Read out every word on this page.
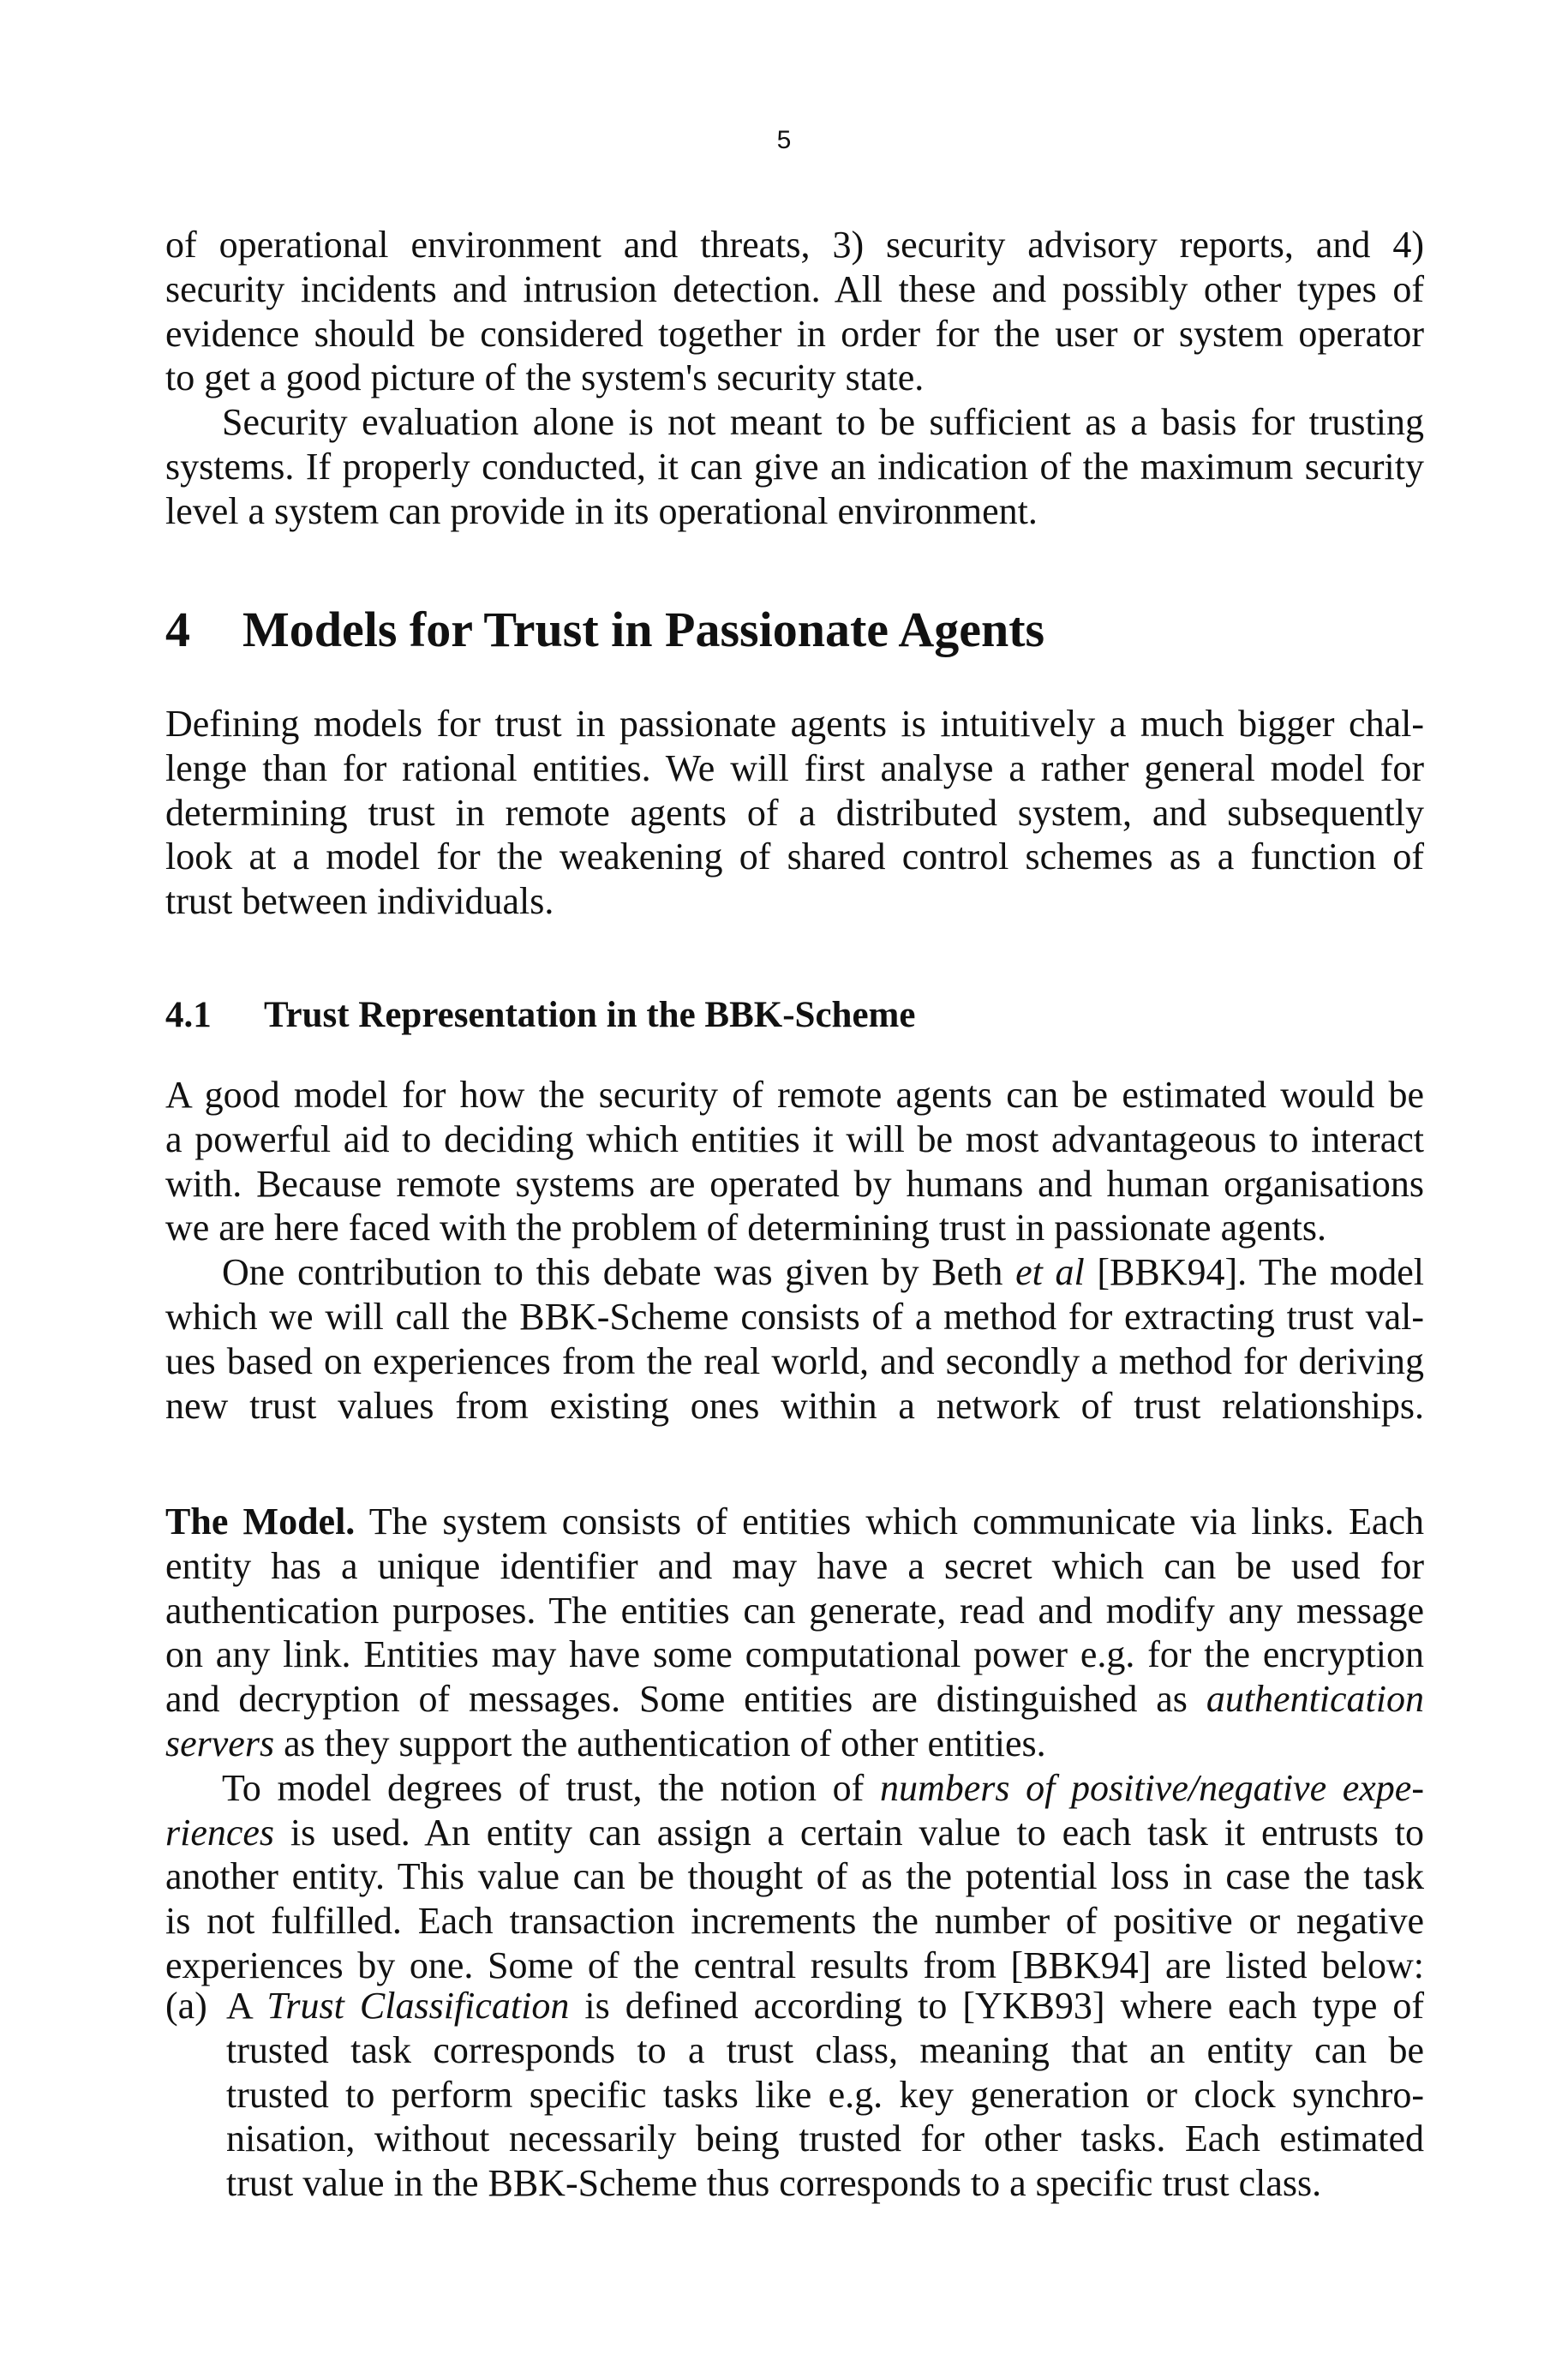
5
of operational environment and threats, 3) security advisory reports, and 4)
security incidents and intrusion detection. All these and possibly other types of
evidence should be considered together in order for the user or system operator
to get a good picture of the system's security state.
Security evaluation alone is not meant to be sufficient as a basis for trusting
systems. If properly conducted, it can give an indication of the maximum security
level a system can provide in its operational environment.
4 Models for Trust in Passionate Agents
Defining models for trust in passionate agents is intuitively a much bigger chal-
lenge than for rational entities. We will first analyse a rather general model for
determining trust in remote agents of a distributed system, and subsequently
look at a model for the weakening of shared control schemes as a function of
trust between individuals.
4.1 Trust Representation in the BBK-Scheme
A good model for how the security of remote agents can be estimated would be
a powerful aid to deciding which entities it will be most advantageous to interact
with. Because remote systems are operated by humans and human organisations
we are here faced with the problem of determining trust in passionate agents.
One contribution to this debate was given by Beth et al [BBK94]. The model
which we will call the BBK-Scheme consists of a method for extracting trust val-
ues based on experiences from the real world, and secondly a method for deriving
new trust values from existing ones within a network of trust relationships.
The Model. The system consists of entities which communicate via links. Each
entity has a unique identifier and may have a secret which can be used for
authentication purposes. The entities can generate, read and modify any message
on any link. Entities may have some computational power e.g. for the encryption
and decryption of messages. Some entities are distinguished as authentication
servers as they support the authentication of other entities.
To model degrees of trust, the notion of numbers of positive/negative expe-
riences is used. An entity can assign a certain value to each task it entrusts to
another entity. This value can be thought of as the potential loss in case the task
is not fulfilled. Each transaction increments the number of positive or negative
experiences by one. Some of the central results from [BBK94] are listed below:
(a) A Trust Classification is defined according to [YKB93] where each type of
trusted task corresponds to a trust class, meaning that an entity can be
trusted to perform specific tasks like e.g. key generation or clock synchro-
nisation, without necessarily being trusted for other tasks. Each estimated
trust value in the BBK-Scheme thus corresponds to a specific trust class.
